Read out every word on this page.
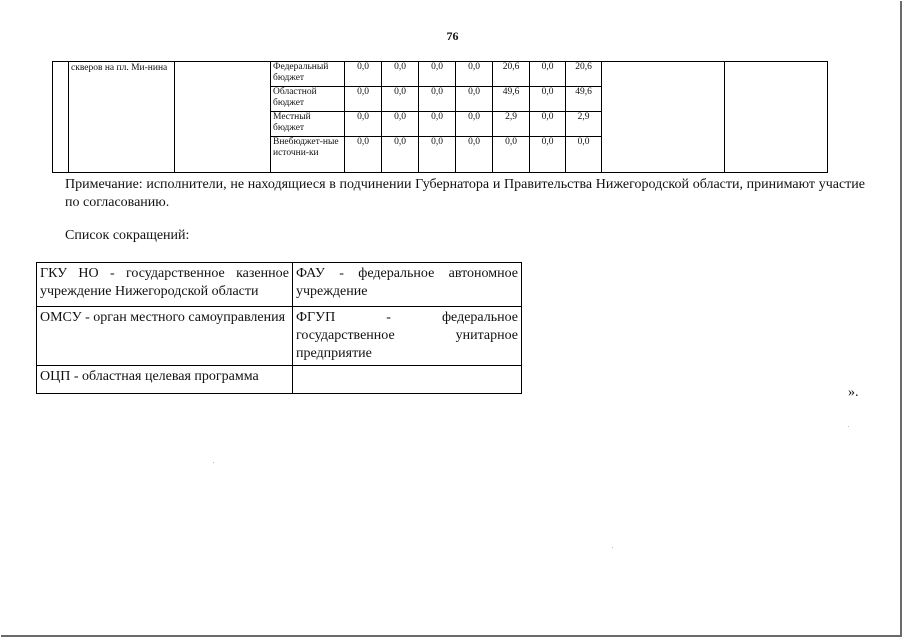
76
	скверов на пл. Ми-нина		Федеральный бюджет	0,0	0,0	0,0	0,0	20,6	0,0	20,6		
			Областной бюджет	0,0	0,0	0,0	0,0	49,6	0,0	49,6		
			Местный бюджет	0,0	0,0	0,0	0,0	2,9	0,0	2,9		
			Внебюджет-ные источни-ки	0,0	0,0	0,0	0,0	0,0	0,0	0,0		
Примечание: исполнители, не находящиеся в подчинении Губернатора и Правительства Нижегородской области, принимают участие по согласованию.
Список сокращений:
ГКУ НО - государственное казенное учреждение Нижегородской области	ФАУ - федеральное автономное учреждение
ОМСУ - орган местного самоуправления	ФГУП - федеральное государственное унитарное предприятие
ОЦП - областная целевая программа	
».
